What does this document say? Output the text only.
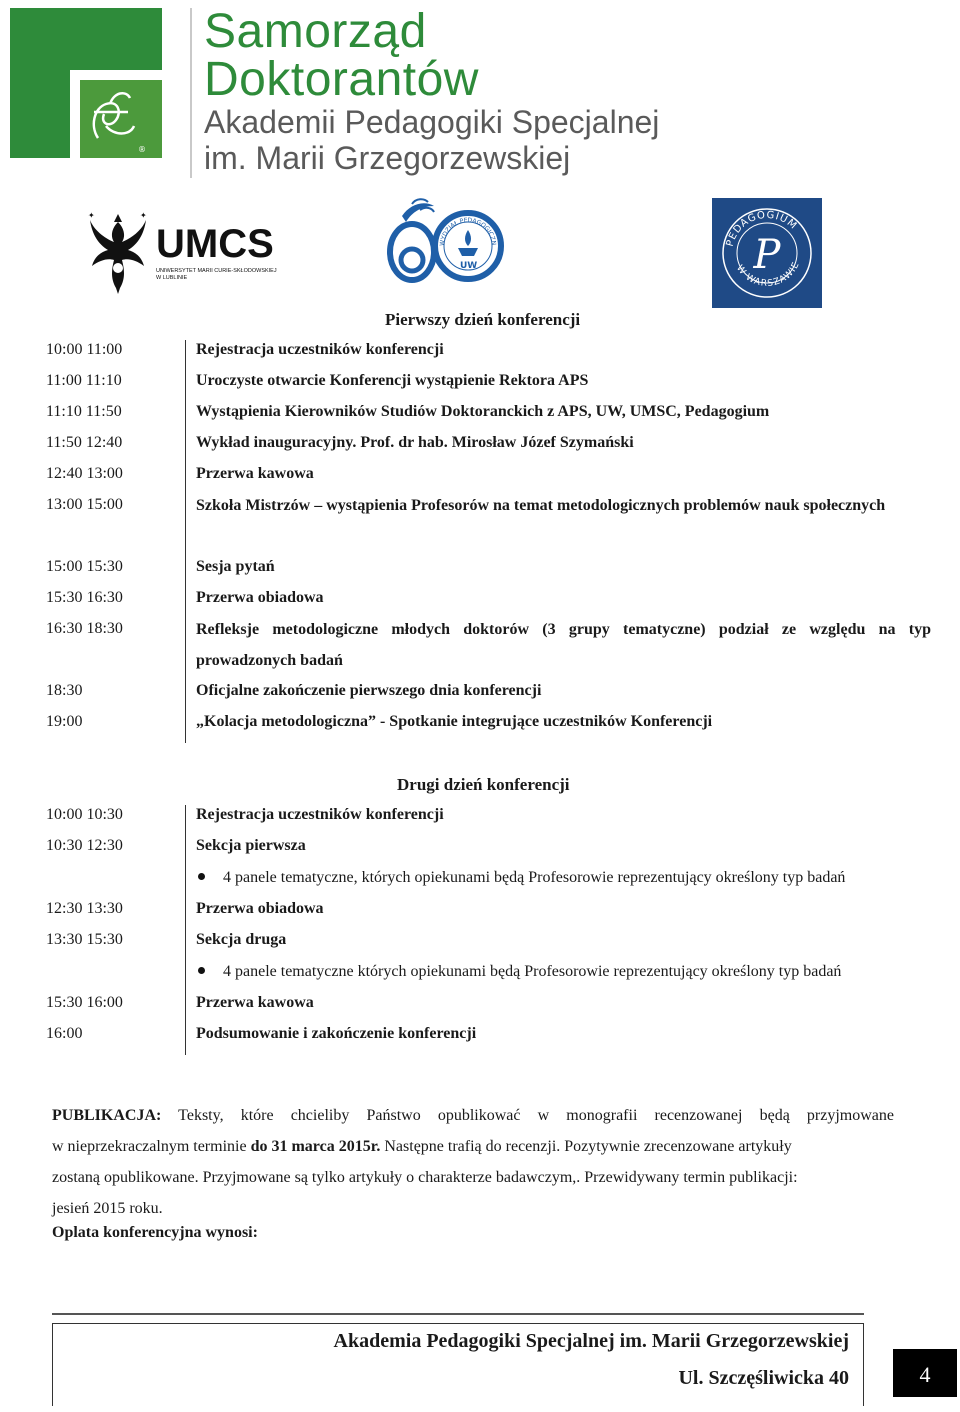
®
Samorząd
Doktorantów
Akademii Pedagogiki Specjalnej
im. Marii Grzegorzewskiej
✦	✦
UMCS
UNIWERSYTET MARII CURIE-SKŁODOWSKIEJ
W LUBLINIE
UW
WYDZIAŁ PEDAGOGICZN	PEDAGOGIUM
W WARSZAWIE
P
Pierwszy dzień konferencji
10:00 11:00	Rejestracja uczestników konferencji
11:00 11:10	Uroczyste otwarcie Konferencji wystąpienie Rektora APS
11:10 11:50	Wystąpienia Kierowników Studiów Doktoranckich z APS, UW, UMSC, Pedagogium
11:50 12:40	Wykład inauguracyjny. Prof. dr hab. Mirosław Józef Szymański
12:40 13:00	Przerwa kawowa
13:00 15:00	Szkoła Mistrzów – wystąpienia Profesorów na temat metodologicznych problemów nauk społecznych
15:00 15:30	Sesja pytań
15:30 16:30	Przerwa obiadowa
16:30 18:30	Refleksje metodologiczne młodych doktorów (3 grupy tematyczne) podział ze względu na typ prowadzonych badań
18:30	Oficjalne zakończenie pierwszego dnia konferencji
19:00	„Kolacja metodologiczna” - Spotkanie integrujące uczestników Konferencji
Drugi dzień konferencji
10:00 10:30	Rejestracja uczestników konferencji
10:30 12:30	Sekcja pierwsza
4 panele tematyczne, których opiekunami będą Profesorowie reprezentujący określony typ badań
12:30 13:30	Przerwa obiadowa
13:30 15:30	Sekcja druga
4 panele tematyczne których opiekunami będą Profesorowie reprezentujący określony typ badań
15:30 16:00	Przerwa kawowa
16:00	Podsumowanie i zakończenie konferencji
PUBLIKACJA: Teksty, które chcieliby Państwo opublikować w monografii recenzowanej będą przyjmowane
w nieprzekraczalnym terminie do 31 marca 2015r. Następne trafią do recenzji. Pozytywnie zrecenzowane artykuły
zostaną opublikowane. Przyjmowane są tylko artykuły o charakterze badawczym,. Przewidywany termin publikacji:
jesień 2015 roku.
Oplata konferencyjna wynosi:
Akademia Pedagogiki Specjalnej im. Marii Grzegorzewskiej
Ul. Szczęśliwicka 40	4
